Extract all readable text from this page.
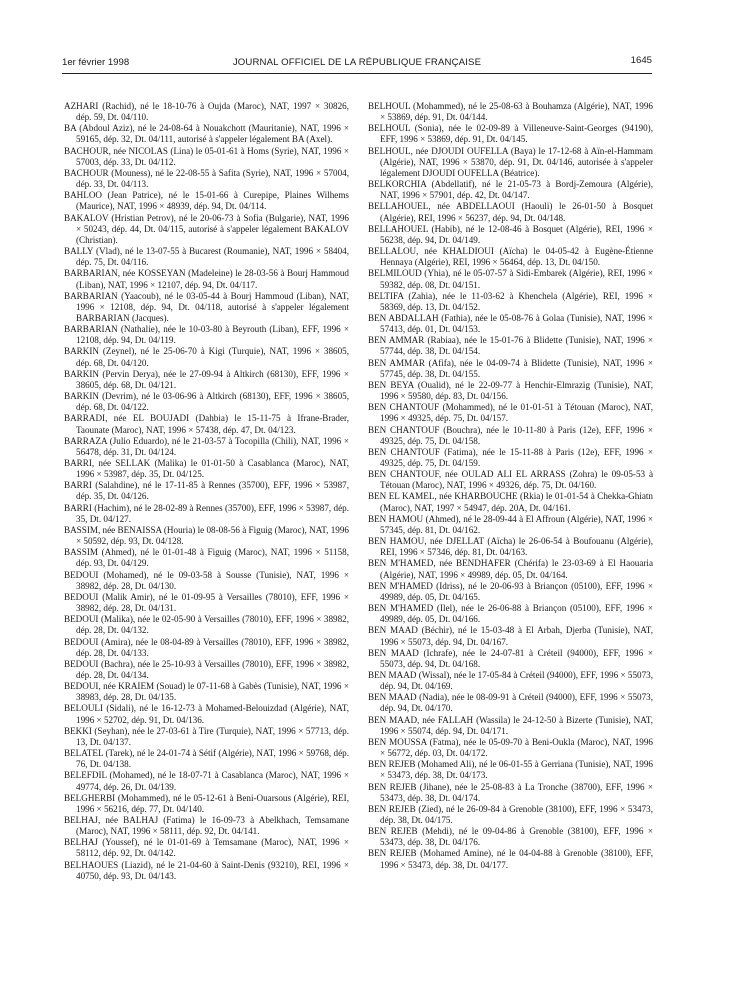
1er février 1998	JOURNAL OFFICIEL DE LA RÉPUBLIQUE FRANÇAISE	1645

AZHARI (Rachid), né le 18-10-76 à Oujda (Maroc), NAT, 1997 × 30826, dép. 59, Dt. 04/110.

BA (Abdoul Aziz), né le 24-08-64 à Nouakchott (Mauritanie), NAT, 1996 × 59165, dép. 32, Dt. 04/111, autorisé à s'appeler légalement BA (Axel).

BACHOUR, née NICOLAS (Lina) le 05-01-61 à Homs (Syrie), NAT, 1996 × 57003, dép. 33, Dt. 04/112.

BACHOUR (Mouness), né le 22-08-55 à Safita (Syrie), NAT, 1996 × 57004, dép. 33, Dt. 04/113.

BAHLOO (Jean Patrice), né le 15-01-66 à Curepipe, Plaines Wilhems (Maurice), NAT, 1996 × 48939, dép. 94, Dt. 04/114.

BAKALOV (Hristian Petrov), né le 20-06-73 à Sofia (Bulgarie), NAT, 1996 × 50243, dép. 44, Dt. 04/115, autorisé à s'appeler légalement BAKALOV (Christian).

BALLY (Vlad), né le 13-07-55 à Bucarest (Roumanie), NAT, 1996 × 58404, dép. 75, Dt. 04/116.

BARBARIAN, née KOSSEYAN (Madeleine) le 28-03-56 à Bourj Hammoud (Liban), NAT, 1996 × 12107, dép. 94, Dt. 04/117.

BARBARIAN (Yaacoub), né le 03-05-44 à Bourj Hammoud (Liban), NAT, 1996 × 12108, dép. 94, Dt. 04/118, autorisé à s'appeler légalement BARBARIAN (Jacques).

BARBARIAN (Nathalie), née le 10-03-80 à Beyrouth (Liban), EFF, 1996 × 12108, dép. 94, Dt. 04/119.

BARKIN (Zeynel), né le 25-06-70 à Kigi (Turquie), NAT, 1996 × 38605, dép. 68, Dt. 04/120.

BARKIN (Pervin Derya), née le 27-09-94 à Altkirch (68130), EFF, 1996 × 38605, dép. 68, Dt. 04/121.

BARKIN (Devrim), né le 03-06-96 à Altkirch (68130), EFF, 1996 × 38605, dép. 68, Dt. 04/122.

BARRADI, née EL BOUJADI (Dahbia) le 15-11-75 à Ifrane-Brader, Taounate (Maroc), NAT, 1996 × 57438, dép. 47, Dt. 04/123.

BARRAZA (Julio Eduardo), né le 21-03-57 à Tocopilla (Chili), NAT, 1996 × 56478, dép. 31, Dt. 04/124.

BARRI, née SELLAK (Malika) le 01-01-50 à Casablanca (Maroc), NAT, 1996 × 53987, dép. 35, Dt. 04/125.

BARRI (Salahdine), né le 17-11-85 à Rennes (35700), EFF, 1996 × 53987, dép. 35, Dt. 04/126.

BARRI (Hachim), né le 28-02-89 à Rennes (35700), EFF, 1996 × 53987, dép. 35, Dt. 04/127.

BASSIM, née BENAISSA (Houria) le 08-08-56 à Figuig (Maroc), NAT, 1996 × 50592, dép. 93, Dt. 04/128.

BASSIM (Ahmed), né le 01-01-48 à Figuig (Maroc), NAT, 1996 × 51158, dép. 93, Dt. 04/129.

BEDOUI (Mohamed), né le 09-03-58 à Sousse (Tunisie), NAT, 1996 × 38982, dép. 28, Dt. 04/130.

BEDOUI (Malik Amir), né le 01-09-95 à Versailles (78010), EFF, 1996 × 38982, dép. 28, Dt. 04/131.

BEDOUI (Malika), née le 02-05-90 à Versailles (78010), EFF, 1996 × 38982, dép. 28, Dt. 04/132.

BEDOUI (Amira), née le 08-04-89 à Versailles (78010), EFF, 1996 × 38982, dép. 28, Dt. 04/133.

BEDOUI (Bachra), née le 25-10-93 à Versailles (78010), EFF, 1996 × 38982, dép. 28, Dt. 04/134.

BEDOUI, née KRAIEM (Souad) le 07-11-68 à Gabès (Tunisie), NAT, 1996 × 38983, dép. 28, Dt. 04/135.

BELOULI (Sidali), né le 16-12-73 à Mohamed-Belouizdad (Algérie), NAT, 1996 × 52702, dép. 91, Dt. 04/136.

BEKKI (Seyhan), née le 27-03-61 à Tire (Turquie), NAT, 1996 × 57713, dép. 13, Dt. 04/137.

BELATEL (Tarek), né le 24-01-74 à Sétif (Algérie), NAT, 1996 × 59768, dép. 76, Dt. 04/138.

BELEFDIL (Mohamed), né le 18-07-71 à Casablanca (Maroc), NAT, 1996 × 49774, dép. 26, Dt. 04/139.

BELGHERBI (Mohammed), né le 05-12-61 à Beni-Ouarsous (Algérie), REI, 1996 × 56216, dép. 77, Dt. 04/140.

BELHAJ, née BALHAJ (Fatima) le 16-09-73 à Abelkhach, Temsamane (Maroc), NAT, 1996 × 58111, dép. 92, Dt. 04/141.

BELHAJ (Youssef), né le 01-01-69 à Temsamane (Maroc), NAT, 1996 × 58112, dép. 92, Dt. 04/142.

BELHAOUES (Liazid), né le 21-04-60 à Saint-Denis (93210), REI, 1996 × 40750, dép. 93, Dt. 04/143.

BELHOUL (Mohammed), né le 25-08-63 à Bouhamza (Algérie), NAT, 1996 × 53869, dép. 91, Dt. 04/144.

BELHOUL (Sonia), née le 02-09-89 à Villeneuve-Saint-Georges (94190), EFF, 1996 × 53869, dép. 91, Dt. 04/145.

BELHOUL, née DJOUDI OUFELLA (Baya) le 17-12-68 à Aïn-el-Hammam (Algérie), NAT, 1996 × 53870, dép. 91, Dt. 04/146, autorisée à s'appeler légalement DJOUDI OUFELLA (Béatrice).

BELKORCHIA (Abdellatif), né le 21-05-73 à Bordj-Zemoura (Algérie), NAT, 1996 × 57901, dép. 42, Dt. 04/147.

BELLAHOUEL, née ABDELLAOUI (Haouli) le 26-01-50 à Bosquet (Algérie), REI, 1996 × 56237, dép. 94, Dt. 04/148.

BELLAHOUEL (Habib), né le 12-08-46 à Bosquet (Algérie), REI, 1996 × 56238, dép. 94, Dt. 04/149.

BELLALOU, née KHALDIOUI (Aïcha) le 04-05-42 à Eugène-Étienne Hennaya (Algérie), REI, 1996 × 56464, dép. 13, Dt. 04/150.

BELMILOUD (Yhia), né le 05-07-57 à Sidi-Embarek (Algérie), REI, 1996 × 59382, dép. 08, Dt. 04/151.

BELTIFA (Zahia), née le 11-03-62 à Khenchela (Algérie), REI, 1996 × 58369, dép. 13, Dt. 04/152.

BEN ABDALLAH (Fathia), née le 05-08-76 à Golaa (Tunisie), NAT, 1996 × 57413, dép. 01, Dt. 04/153.

BEN AMMAR (Rabiaa), née le 15-01-76 à Blidette (Tunisie), NAT, 1996 × 57744, dép. 38, Dt. 04/154.

BEN AMMAR (Afifa), née le 04-09-74 à Blidette (Tunisie), NAT, 1996 × 57745, dép. 38, Dt. 04/155.

BEN BEYA (Oualid), né le 22-09-77 à Henchir-Elmrazig (Tunisie), NAT, 1996 × 59580, dép. 83, Dt. 04/156.

BEN CHANTOUF (Mohammed), né le 01-01-51 à Tétouan (Maroc), NAT, 1996 × 49325, dép. 75, Dt. 04/157.

BEN CHANTOUF (Bouchra), née le 10-11-80 à Paris (12e), EFF, 1996 × 49325, dép. 75, Dt. 04/158.

BEN CHANTOUF (Fatima), née le 15-11-88 à Paris (12e), EFF, 1996 × 49325, dép. 75, Dt. 04/159.

BEN CHANTOUF, née OULAD ALI EL ARRASS (Zohra) le 09-05-53 à Tétouan (Maroc), NAT, 1996 × 49326, dép. 75, Dt. 04/160.

BEN EL KAMEL, née KHARBOUCHE (Rkia) le 01-01-54 à Chekka-Ghiatn (Maroc), NAT, 1997 × 54947, dép. 20A, Dt. 04/161.

BEN HAMOU (Ahmed), né le 28-09-44 à El Affroun (Algérie), NAT, 1996 × 57345, dép. 81, Dt. 04/162.

BEN HAMOU, née DJELLAT (Aïcha) le 26-06-54 à Boufouanu (Algérie), REI, 1996 × 57346, dép. 81, Dt. 04/163.

BEN M'HAMED, née BENDHAFER (Chérifa) le 23-03-69 à El Haouaria (Algérie), NAT, 1996 × 49989, dép. 05, Dt. 04/164.

BEN M'HAMED (Idriss), né le 20-06-93 à Briançon (05100), EFF, 1996 × 49989, dép. 05, Dt. 04/165.

BEN M'HAMED (Ilel), née le 26-06-88 à Briançon (05100), EFF, 1996 × 49989, dép. 05, Dt. 04/166.

BEN MAAD (Béchir), né le 15-03-48 à El Arbah, Djerba (Tunisie), NAT, 1996 × 55073, dép. 94, Dt. 04/167.

BEN MAAD (Ichrafe), née le 24-07-81 à Créteil (94000), EFF, 1996 × 55073, dép. 94, Dt. 04/168.

BEN MAAD (Wissal), née le 17-05-84 à Créteil (94000), EFF, 1996 × 55073, dép. 94, Dt. 04/169.

BEN MAAD (Nadia), née le 08-09-91 à Créteil (94000), EFF, 1996 × 55073, dép. 94, Dt. 04/170.

BEN MAAD, née FALLAH (Wassila) le 24-12-50 à Bizerte (Tunisie), NAT, 1996 × 55074, dép. 94, Dt. 04/171.

BEN MOUSSA (Fatma), née le 05-09-70 à Beni-Oukla (Maroc), NAT, 1996 × 56772, dép. 03, Dt. 04/172.

BEN REJEB (Mohamed Ali), né le 06-01-55 à Gerriana (Tunisie), NAT, 1996 × 53473, dép. 38, Dt. 04/173.

BEN REJEB (Jihane), née le 25-08-83 à La Tronche (38700), EFF, 1996 × 53473, dép. 38, Dt. 04/174.

BEN REJEB (Zied), né le 26-09-84 à Grenoble (38100), EFF, 1996 × 53473, dép. 38, Dt. 04/175.

BEN REJEB (Mehdi), né le 09-04-86 à Grenoble (38100), EFF, 1996 × 53473, dép. 38, Dt. 04/176.

BEN REJEB (Mohamed Amine), né le 04-04-88 à Grenoble (38100), EFF, 1996 × 53473, dép. 38, Dt. 04/177.
